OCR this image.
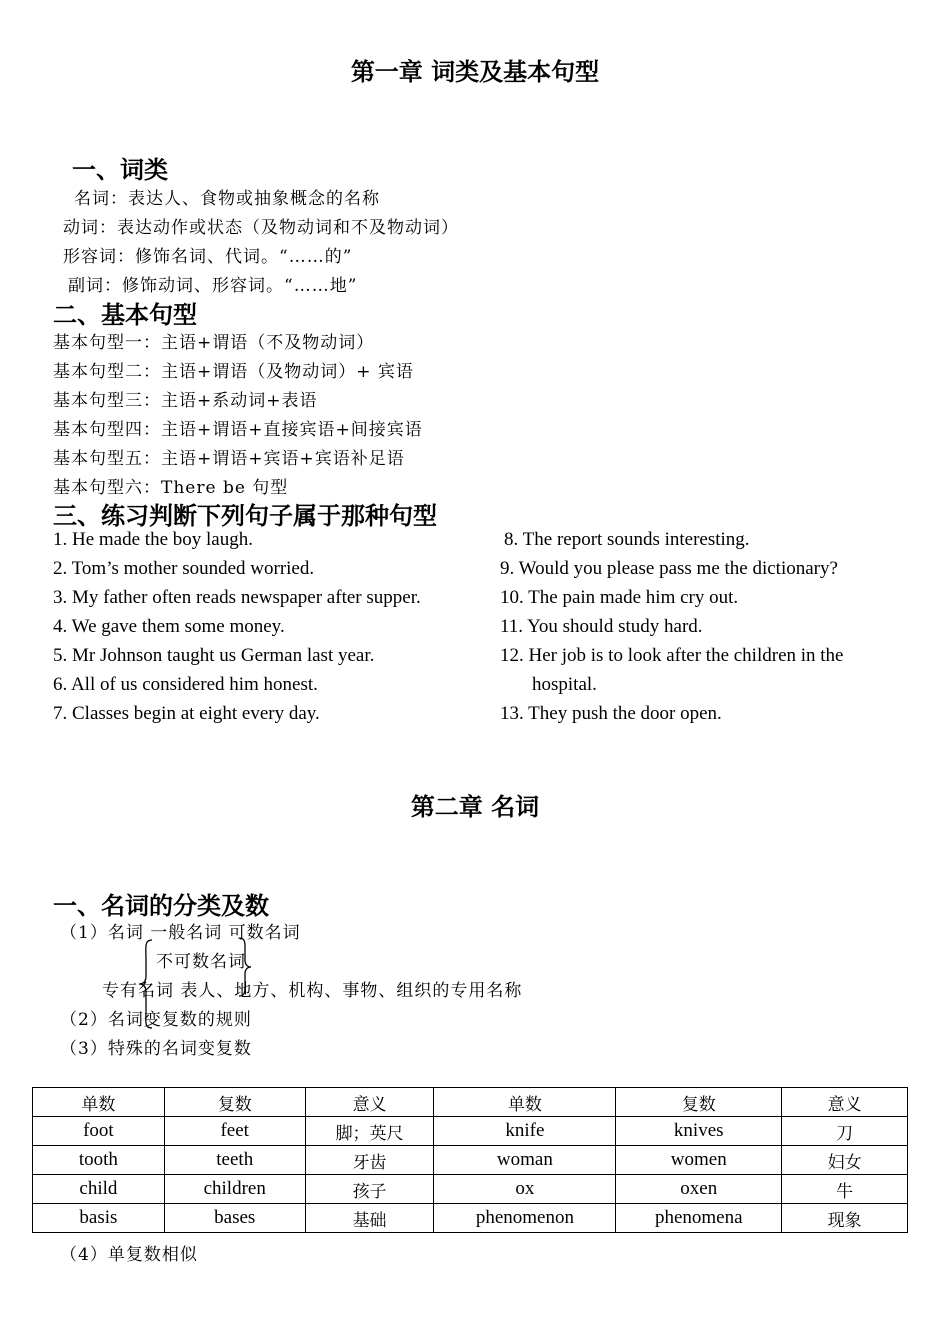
第一章 词类及基本句型
一、词类
名词：表达人、食物或抽象概念的名称
动词：表达动作或状态（及物动词和不及物动词）
形容词：修饰名词、代词。“……的”
副词：修饰动词、形容词。“……地”
二、基本句型
基本句型一：主语+谓语（不及物动词）
基本句型二：主语+谓语（及物动词）+ 宾语
基本句型三：主语+系动词+表语
基本句型四：主语+谓语+直接宾语+间接宾语
基本句型五：主语+谓语+宾语+宾语补足语
基本句型六：There be 句型
三、练习判断下列句子属于那种句型
1. He made the boy laugh.
2. Tom’s mother sounded worried.
3. My father often reads newspaper after supper.
4. We gave them some money.
5. Mr Johnson taught us German last year.
6. All of us considered him honest.
7. Classes begin at eight every day.
8. The report sounds interesting.
9. Would you please pass me the dictionary?
10. The pain made him cry out.
11. You should study hard.
12. Her job is to look after the children in the
hospital.
13. They push the door open.
第二章 名词
一、名词的分类及数
（1）名词 一般名词 可数名词
不可数名词
专有名词 表人、地方、机构、事物、组织的专用名称
（2）名词变复数的规则
（3）特殊的名词变复数
单数	复数	意义	单数	复数	意义
foot	feet	脚；英尺	knife	knives	刀
tooth	teeth	牙齿	woman	women	妇女
child	children	孩子	ox	oxen	牛
basis	bases	基础	phenomenon	phenomena	现象
（4）单复数相似
